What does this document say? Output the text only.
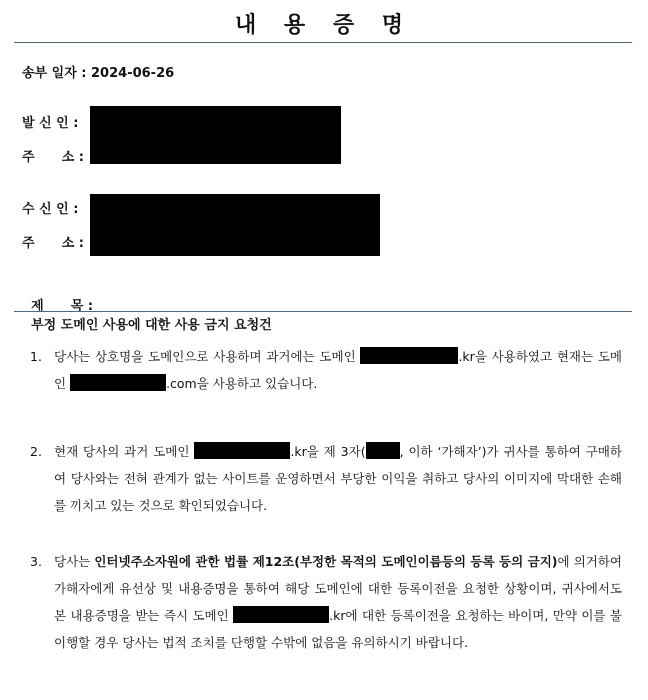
내 용 증 명
송부 일자 : 2024-06-26
발 신 인 :
주      소 :
수 신 인 :
주      소 :

제      목 :
부정 도메인 사용에 대한 사용 금지 요청건

1. 당사는 상호명을 도메인으로 사용하며 과거에는 도메인	.kr을 사용하였고 현재는 도메인	.com을 사용하고 있습니다.
2. 현재 당사의 과거 도메인	.kr을 제 3자(	, 이하 ‘가해자’)가 귀사를 통하여 구매하여 당사와는 전혀 관계가 없는 사이트를 운영하면서 부당한 이익을 취하고 당사의 이미지에 막대한 손해를 끼치고 있는 것으로 확인되었습니다.
3. 당사는 인터넷주소자원에 관한 법률 제12조(부정한 목적의 도메인이름등의 등록 등의 금지)에 의거하여 가해자에게 유선상 및 내용증명을 통하여 해당 도메인에 대한 등록이전을 요청한 상황이며, 귀사에서도 본 내용증명을 받는 즉시 도메인	.kr에 대한 등록이전을 요청하는 바이며, 만약 이를 불이행할 경우 당사는 법적 조치를 단행할 수밖에 없음을 유의하시기 바랍니다.
